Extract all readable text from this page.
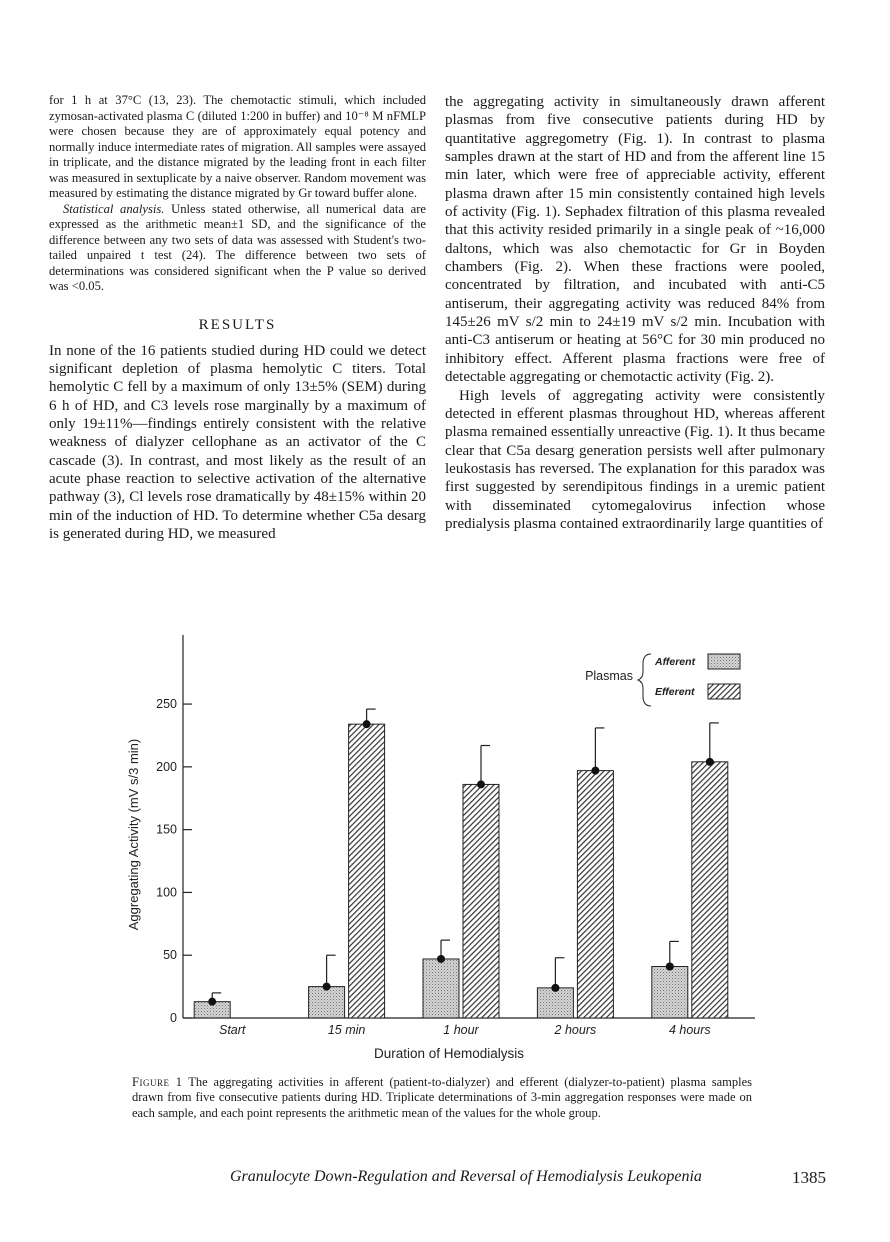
for 1 h at 37°C (13, 23). The chemotactic stimuli, which included zymosan-activated plasma C (diluted 1:200 in buffer) and 10⁻⁸ M nFMLP were chosen because they are of approximately equal potency and normally induce intermediate rates of migration. All samples were assayed in triplicate, and the distance migrated by the leading front in each filter was measured in sextuplicate by a naive observer. Random movement was measured by estimating the distance migrated by Gr toward buffer alone.

Statistical analysis. Unless stated otherwise, all numerical data are expressed as the arithmetic mean±1 SD, and the significance of the difference between any two sets of data was assessed with Student's two-tailed unpaired t test (24). The difference between two sets of determinations was considered significant when the P value so derived was <0.05.

RESULTS

In none of the 16 patients studied during HD could we detect significant depletion of plasma hemolytic C titers. Total hemolytic C fell by a maximum of only 13±5% (SEM) during 6 h of HD, and C3 levels rose marginally by a maximum of only 19±11%—findings entirely consistent with the relative weakness of dialyzer cellophane as an activator of the C cascade (3). In contrast, and most likely as the result of an acute phase reaction to selective activation of the alternative pathway (3), Cl levels rose dramatically by 48±15% within 20 min of the induction of HD. To determine whether C5a desarg is generated during HD, we measured

the aggregating activity in simultaneously drawn afferent plasmas from five consecutive patients during HD by quantitative aggregometry (Fig. 1). In contrast to plasma samples drawn at the start of HD and from the afferent line 15 min later, which were free of appreciable activity, efferent plasma drawn after 15 min consistently contained high levels of activity (Fig. 1). Sephadex filtration of this plasma revealed that this activity resided primarily in a single peak of ~16,000 daltons, which was also chemotactic for Gr in Boyden chambers (Fig. 2). When these fractions were pooled, concentrated by filtration, and incubated with anti-C5 antiserum, their aggregating activity was reduced 84% from 145±26 mV s/2 min to 24±19 mV s/2 min. Incubation with anti-C3 antiserum or heating at 56°C for 30 min produced no inhibitory effect. Afferent plasma fractions were free of detectable aggregating or chemotactic activity (Fig. 2).

High levels of aggregating activity were consistently detected in efferent plasmas throughout HD, whereas afferent plasma remained essentially unreactive (Fig. 1). It thus became clear that C5a desarg generation persists well after pulmonary leukostasis has reversed. The explanation for this paradox was first suggested by serendipitous findings in a uremic patient with disseminated cytomegalovirus infection whose predialysis plasma contained extraordinarily large quantities of

0
50
100
150
200
250
Aggregating Activity (mV s/3 min)
Start	15 min	1 hour	2 hours	4 hours
Duration of Hemodialysis
Plasmas
Afferent
Efferent
Figure 1 The aggregating activities in afferent (patient-to-dialyzer) and efferent (dialyzer-to-patient) plasma samples drawn from five consecutive patients during HD. Triplicate determinations of 3-min aggregation responses were made on each sample, and each point represents the arithmetic mean of the values for the whole group.
Granulocyte Down-Regulation and Reversal of Hemodialysis Leukopenia	1385
